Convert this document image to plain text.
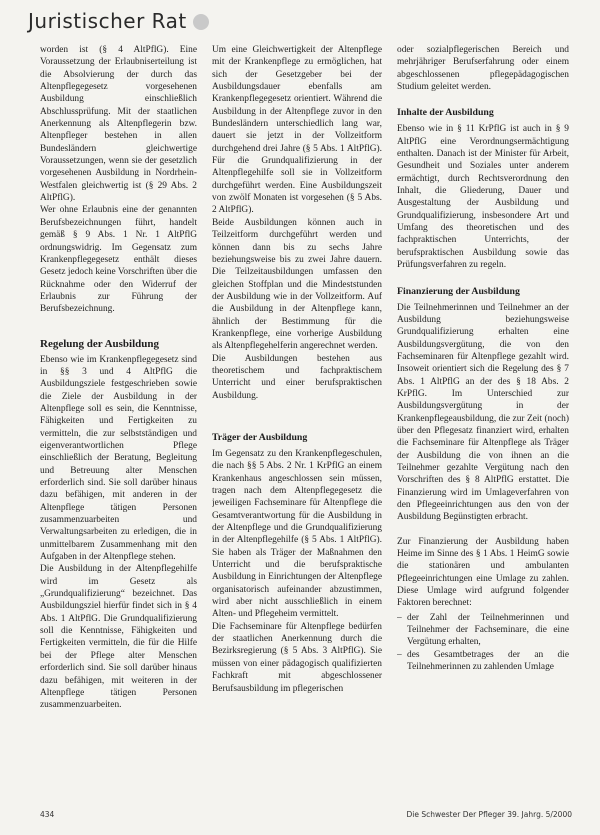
Juristischer Rat

worden ist (§ 4 AltPflG). Eine Voraussetzung der Erlaubniserteilung ist die Absolvierung der durch das Altenpflegegesetz vorgesehenen Ausbildung einschließlich Abschlussprüfung. Mit der staatlichen Anerkennung als Altenpflegerin bzw. Altenpfleger bestehen in allen Bundesländern gleichwertige Voraussetzungen, wenn sie der gesetzlich vorgesehenen Ausbildung in Nordrhein-Westfalen gleichwertig ist (§ 29 Abs. 2 AltPflG).

Wer ohne Erlaubnis eine der genannten Berufsbezeichnungen führt, handelt gemäß § 9 Abs. 1 Nr. 1 AltPflG ordnungswidrig. Im Gegensatz zum Krankenpflegegesetz enthält dieses Gesetz jedoch keine Vorschriften über die Rücknahme oder den Widerruf der Erlaubnis zur Führung der Berufsbezeichnung.

Regelung der Ausbildung

Ebenso wie im Krankenpflegegesetz sind in §§ 3 und 4 AltPflG die Ausbildungsziele festgeschrieben sowie die Ziele der Ausbildung in der Altenpflege soll es sein, die Kenntnisse, Fähigkeiten und Fertigkeiten zu vermitteln, die zur selbstständigen und eigenverantwortlichen Pflege einschließlich der Beratung, Begleitung und Betreuung alter Menschen erforderlich sind. Sie soll darüber hinaus dazu befähigen, mit anderen in der Altenpflege tätigen Personen zusammenzuarbeiten und Verwaltungsarbeiten zu erledigen, die in unmittelbarem Zusammenhang mit den Aufgaben in der Altenpflege stehen.

Die Ausbildung in der Altenpflegehilfe wird im Gesetz als „Grundqualifizierung“ bezeichnet. Das Ausbildungsziel hierfür findet sich in § 4 Abs. 1 AltPflG. Die Grundqualifizierung soll die Kenntnisse, Fähigkeiten und Fertigkeiten vermitteln, die für die Hilfe bei der Pflege alter Menschen erforderlich sind. Sie soll darüber hinaus dazu befähigen, mit weiteren in der Altenpflege tätigen Personen zusammenzuarbeiten.

Um eine Gleichwertigkeit der Altenpflege mit der Krankenpflege zu ermöglichen, hat sich der Gesetzgeber bei der Ausbildungsdauer ebenfalls am Krankenpflegegesetz orientiert. Während die Ausbildung in der Altenpflege zuvor in den Bundesländern unterschiedlich lang war, dauert sie jetzt in der Vollzeitform durchgehend drei Jahre (§ 5 Abs. 1 AltPflG). Für die Grundqualifizierung in der Altenpflegehilfe soll sie in Vollzeitform durchgeführt werden. Eine Ausbildungszeit von zwölf Monaten ist vorgesehen (§ 5 Abs. 2 AltPflG).

Beide Ausbildungen können auch in Teilzeitform durchgeführt werden und können dann bis zu sechs Jahre beziehungsweise bis zu zwei Jahre dauern. Die Teilzeitausbildungen umfassen den gleichen Stoffplan und die Mindeststunden der Ausbildung wie in der Vollzeitform. Auf die Ausbildung in der Altenpflege kann, ähnlich der Bestimmung für die Krankenpflege, eine vorherige Ausbildung als Altenpflegehelferin angerechnet werden.

Die Ausbildungen bestehen aus theoretischem und fachpraktischem Unterricht und einer berufspraktischen Ausbildung.

Träger der Ausbildung

Im Gegensatz zu den Krankenpflegeschulen, die nach §§ 5 Abs. 2 Nr. 1 KrPflG an einem Krankenhaus angeschlossen sein müssen, tragen nach dem Altenpflegegesetz die jeweiligen Fachseminare für Altenpflege die Gesamtverantwortung für die Ausbildung in der Altenpflege und die Grundqualifizierung in der Altenpflegehilfe (§ 5 Abs. 1 AltPflG). Sie haben als Träger der Maßnahmen den Unterricht und die berufspraktische Ausbildung in Einrichtungen der Altenpflege organisatorisch aufeinander abzustimmen, wird aber nicht ausschließlich in einem Alten- und Pflegeheim vermittelt.

Die Fachseminare für Altenpflege bedürfen der staatlichen Anerkennung durch die Bezirksregierung (§ 5 Abs. 3 AltPflG). Sie müssen von einer pädagogisch qualifizierten Fachkraft mit abgeschlossener Berufsausbildung im pflegerischen

oder sozialpflegerischen Bereich und mehrjähriger Berufserfahrung oder einem abgeschlossenen pflegepädagogischen Studium geleitet werden.

Inhalte der Ausbildung

Ebenso wie in § 11 KrPflG ist auch in § 9 AltPflG eine Verordnungsermächtigung enthalten. Danach ist der Minister für Arbeit, Gesundheit und Soziales unter anderem ermächtigt, durch Rechtsverordnung den Inhalt, die Gliederung, Dauer und Ausgestaltung der Ausbildung und Grundqualifizierung, insbesondere Art und Umfang des theoretischen und des fachpraktischen Unterrichts, der berufspraktischen Ausbildung sowie das Prüfungsverfahren zu regeln.

Finanzierung der Ausbildung

Die Teilnehmerinnen und Teilnehmer an der Ausbildung beziehungsweise Grundqualifizierung erhalten eine Ausbildungsvergütung, die von den Fachseminaren für Altenpflege gezahlt wird. Insoweit orientiert sich die Regelung des § 7 Abs. 1 AltPflG an der des § 18 Abs. 2 KrPflG. Im Unterschied zur Ausbildungsvergütung in der Krankenpflegeausbildung, die zur Zeit (noch) über den Pflegesatz finanziert wird, erhalten die Fachseminare für Altenpflege als Träger der Ausbildung die von ihnen an die Teilnehmer gezahlte Vergütung nach den Vorschriften des § 8 AltPflG erstattet. Die Finanzierung wird im Umlageverfahren von den Pflegeeinrichtungen aus den von der Ausbildung Begünstigten erbracht.

Zur Finanzierung der Ausbildung haben Heime im Sinne des § 1 Abs. 1 HeimG sowie die stationären und ambulanten Pflegeeinrichtungen eine Umlage zu zahlen. Diese Umlage wird aufgrund folgender Faktoren berechnet:

– der Zahl der Teilnehmerinnen und Teilnehmer der Fachseminare, die eine Vergütung erhalten,
– des Gesamtbetrages der an die Teilnehmerinnen zu zahlenden Umlage
434	Die Schwester Der Pfleger 39. Jahrg. 5/2000
